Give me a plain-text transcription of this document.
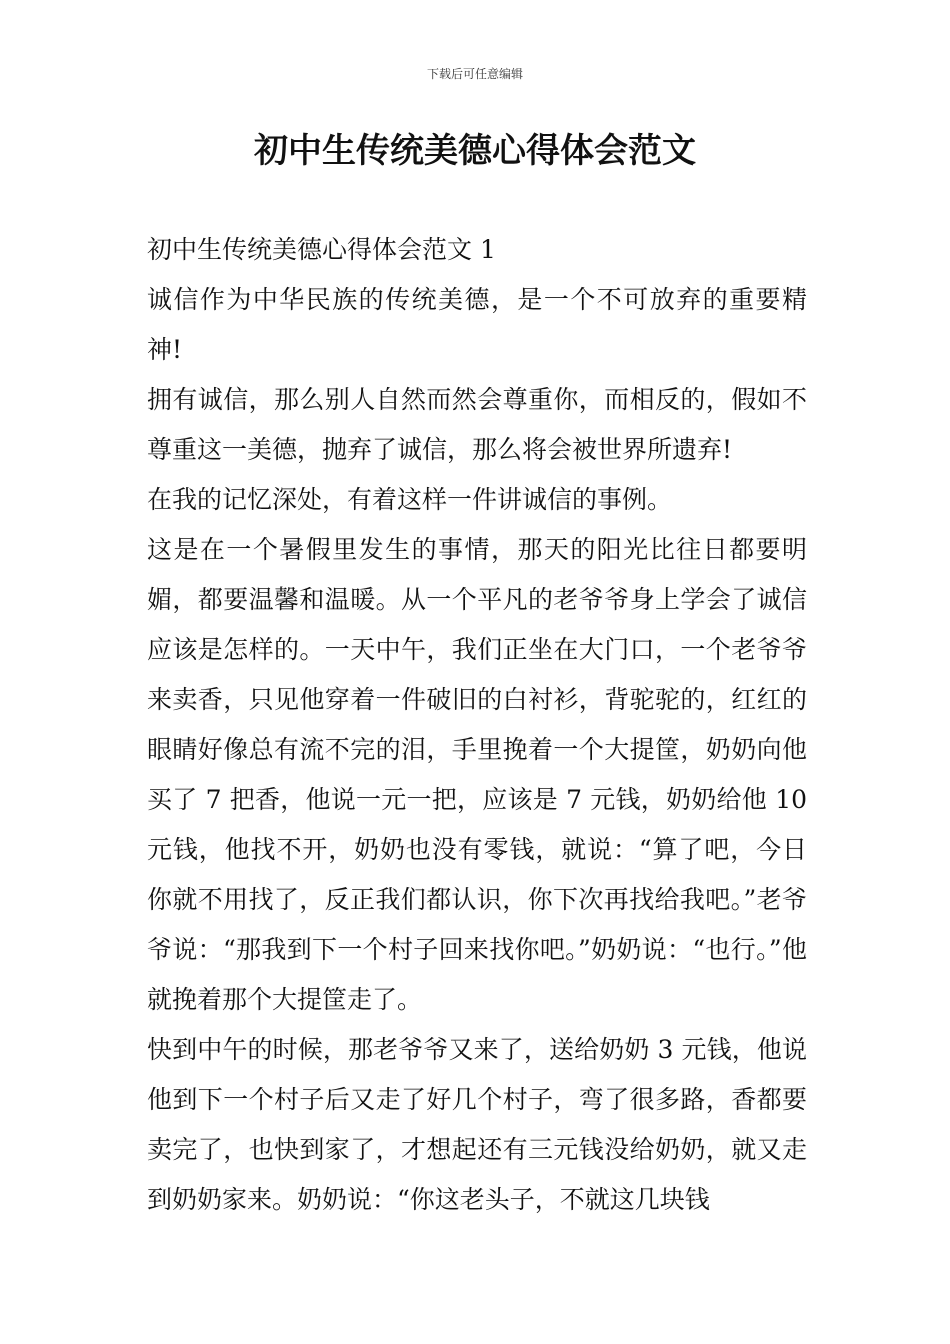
下载后可任意编辑
初中生传统美德心得体会范文

初中生传统美德心得体会范文 1

诚信作为中华民族的传统美德，是一个不可放弃的重要精神!

拥有诚信，那么别人自然而然会尊重你，而相反的，假如不尊重这一美德，抛弃了诚信，那么将会被世界所遗弃!

在我的记忆深处，有着这样一件讲诚信的事例。

这是在一个暑假里发生的事情，那天的阳光比往日都要明媚，都要温馨和温暖。从一个平凡的老爷爷身上学会了诚信应该是怎样的。一天中午，我们正坐在大门口，一个老爷爷来卖香，只见他穿着一件破旧的白衬衫，背驼驼的，红红的眼睛好像总有流不完的泪，手里挽着一个大提筐，奶奶向他买了 7 把香，他说一元一把，应该是 7 元钱，奶奶给他 10 元钱，他找不开，奶奶也没有零钱，就说：“算了吧，今日你就不用找了，反正我们都认识，你下次再找给我吧。”老爷爷说：“那我到下一个村子回来找你吧。”奶奶说：“也行。”他就挽着那个大提筐走了。

快到中午的时候，那老爷爷又来了，送给奶奶 3 元钱，他说他到下一个村子后又走了好几个村子，弯了很多路，香都要卖完了，也快到家了，才想起还有三元钱没给奶奶，就又走到奶奶家来。奶奶说：“你这老头子，不就这几块钱
